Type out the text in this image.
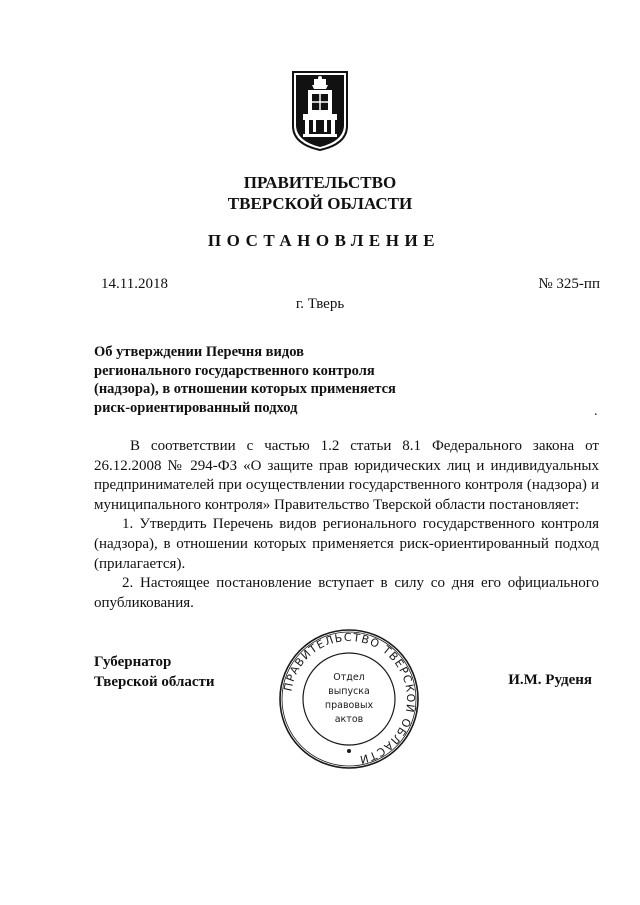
ПРАВИТЕЛЬСТВО
ТВЕРСКОЙ ОБЛАСТИ
ПОСТАНОВЛЕНИЕ
14.11.2018	№ 325-пп
г. Тверь
Об утверждении Перечня видов
регионального государственного контроля
(надзора), в отношении которых применяется
риск-ориентированный подход	.

В соответствии с частью 1.2 статьи 8.1 Федерального закона от 26.12.2008 № 294-ФЗ «О защите прав юридических лиц и индивидуальных предпринимателей при осуществлении государственного контроля (надзора) и муниципального контроля» Правительство Тверской области постановляет:

1. Утвердить Перечень видов регионального государственного контроля (надзора), в отношении которых применяется риск-ориентированный подход (прилагается).

2. Настоящее постановление вступает в силу со дня его официального опубликования.

Губернатор
Тверской области	ПРАВИТЕЛЬСТВО ТВЕРСКОЙ ОБЛАСТИ
Отдел
выпуска
правовых
актов
И.М. Руденя
